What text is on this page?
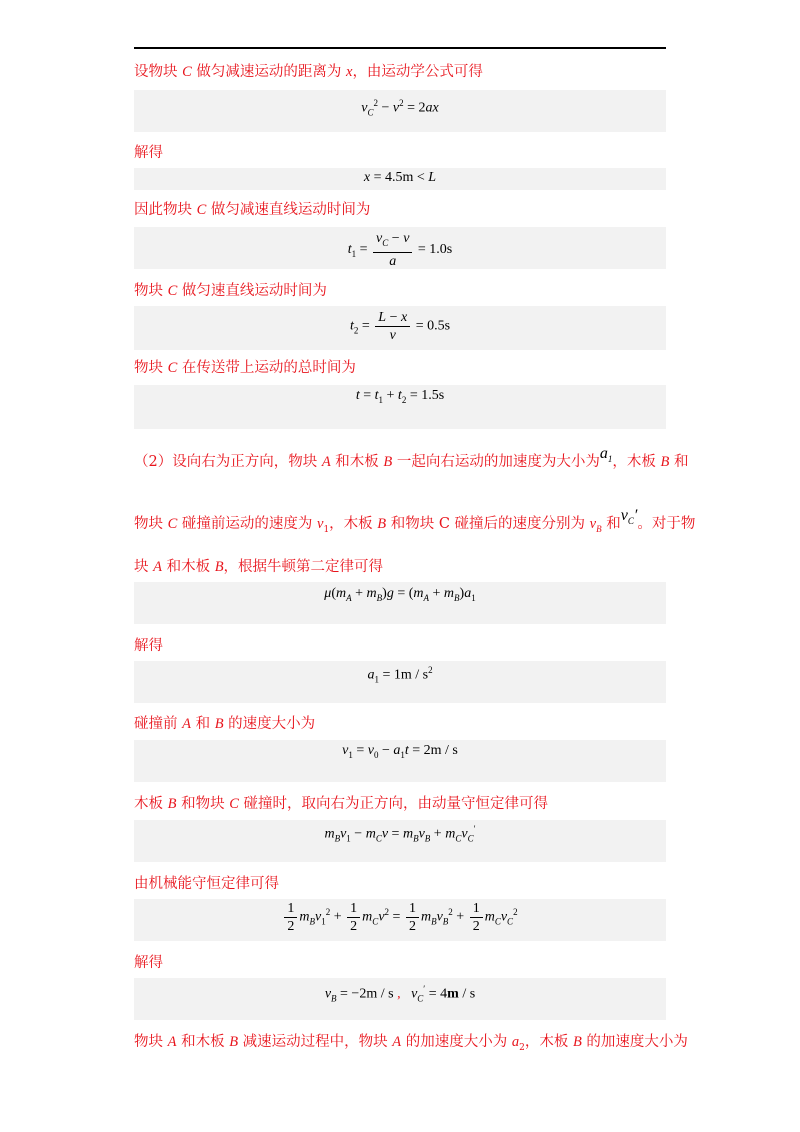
设物块 C 做匀减速运动的距离为 x，由运动学公式可得
$v_C^2 - v^2 = 2ax$
解得
x = 4.5m < L
因此物块 C 做匀减速直线运动时间为
$t_1 = \frac{v_C - v}{a} = 1.0s$
物块 C 做匀速直线运动时间为
$t_2 = \frac{L - x}{v} = 0.5s$
物块 C 在传送带上运动的总时间为
$t = t_1 + t_2 = 1.5s$
（2）设向右为正方向，物块 A 和木板 B 一起向右运动的加速度为大小为$a_1$，木板 B 和
物块 C 碰撞前运动的速度为 $v_1$，木板 B 和物块 C 碰撞后的速度分别为 $v_B$ 和$v_C'$。对于物
块 A 和木板 B，根据牛顿第二定律可得
$\mu(m_A + m_B)g = (m_A + m_B)a_1$
解得
$a_1 = 1m / s^2$
碰撞前 A 和 B 的速度大小为
$v_1 = v_0 - a_1t = 2m / s$
木板 B 和物块 C 碰撞时，取向右为正方向，由动量守恒定律可得
$m_Bv_1 - m_Cv = m_Bv_B + m_Cv_C'$
由机械能守恒定律可得
$\frac{1}{2} m_Bv_1^2 + \frac{1}{2} m_Cv^2 = \frac{1}{2} m_Bv_B^2 + \frac{1}{2} m_Cv_C^2$
解得
$v_B = -2m / s$ , $v_C' = 4m / s$
物块 A 和木板 B 减速运动过程中，物块 A 的加速度大小为 $a_2$，木板 B 的加速度大小为
